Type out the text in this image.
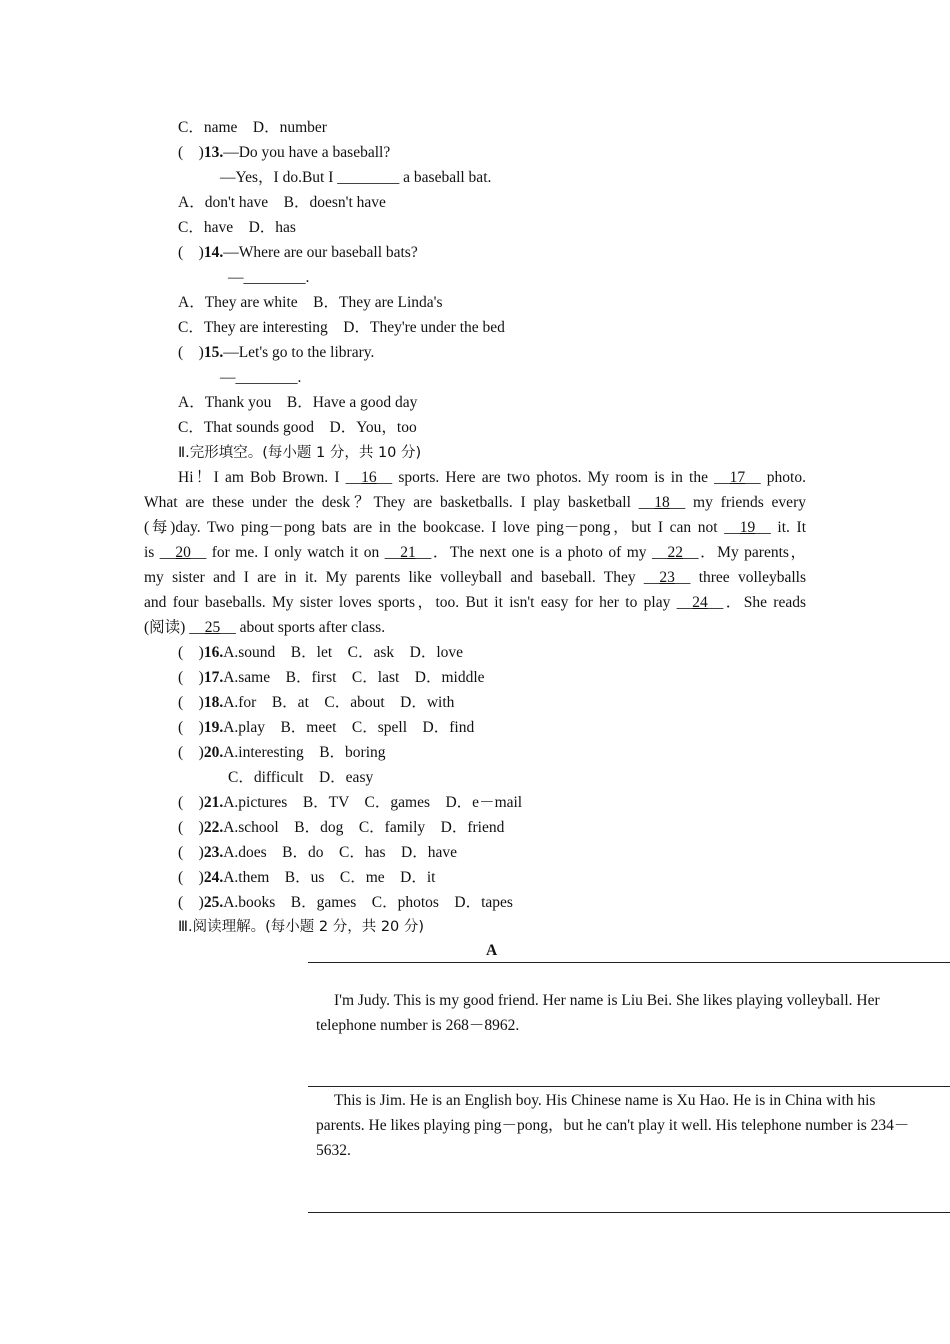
C．name　D．number
(　)13.—Do you have a baseball?
—Yes，I do.But I ________ a baseball bat.
A．don't have　B．doesn't have
C．have　D．has
(　)14.—Where are our baseball bats?
—________.
A．They are white　B．They are Linda's
C．They are interesting　D．They're under the bed
(　)15.—Let's go to the library.
—________.
A．Thank you　B．Have a good day
C．That sounds good　D．You，too
Ⅱ.完形填空。(每小题 1 分，共 10 分)
Hi！I am Bob Brown. I __16__ sports. Here are two photos. My room is in the __17__ photo.
What are these under the desk？They are basketballs. I play basketball __18__ my friends every
(每)day. Two ping－pong bats are in the bookcase. I love ping－pong，but I can not __19__ it. It
is __20__ for me. I only watch it on __21__．The next one is a photo of my __22__．My parents，
my sister and I are in it. My parents like volleyball and baseball. They __23__ three volleyballs
and four baseballs. My sister loves sports，too. But it isn't easy for her to play __24__．She reads
(阅读) __25__ about sports after class.
(　)16.A.sound　B．let　C．ask　D．love
(　)17.A.same　B．first　C．last　D．middle
(　)18.A.for　B．at　C．about　D．with
(　)19.A.play　B．meet　C．spell　D．find
(　)20.A.interesting　B．boring
C．difficult　D．easy
(　)21.A.pictures　B．TV　C．games　D．e－mail
(　)22.A.school　B．dog　C．family　D．friend
(　)23.A.does　B．do　C．has　D．have
(　)24.A.them　B．us　C．me　D．it
(　)25.A.books　B．games　C．photos　D．tapes
Ⅲ.阅读理解。(每小题 2 分，共 20 分)
A
I'm Judy. This is my good friend. Her name is Liu Bei. She likes playing volleyball. Her
telephone number is 268－8962.
This is Jim. He is an English boy. His Chinese name is Xu Hao. He is in China with his
parents. He likes playing ping－pong，but he can't play it well. His telephone number is 234－
5632.
